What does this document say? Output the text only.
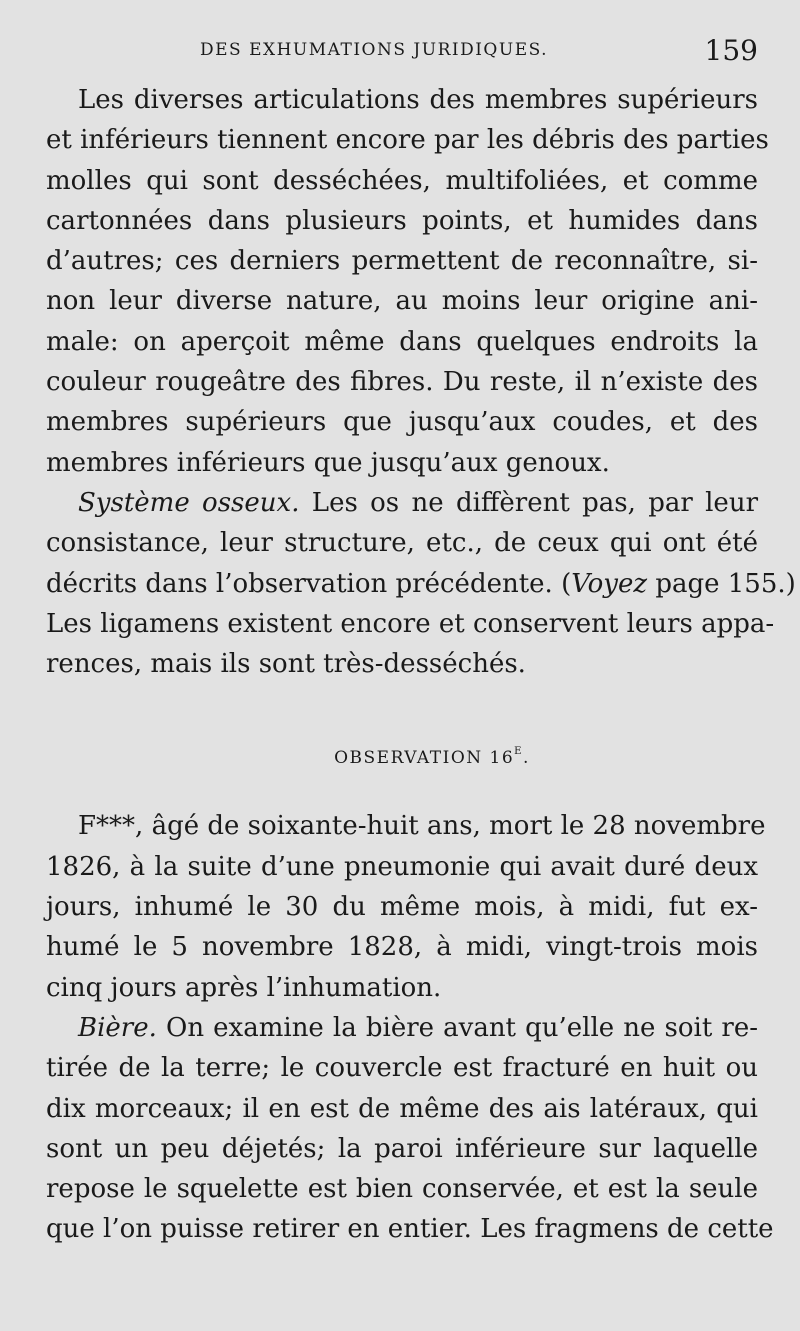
DES EXHUMATIONS JURIDIQUES.	159
Les diverses articulations des membres supérieurs
et inférieurs tiennent encore par les débris des parties
molles qui sont desséchées, multifoliées, et comme
cartonnées dans plusieurs points, et humides dans
d’autres; ces derniers permettent de reconnaître, si-
non leur diverse nature, au moins leur origine ani-
male: on aperçoit même dans quelques endroits la
couleur rougeâtre des fibres. Du reste, il n’existe des
membres supérieurs que jusqu’aux coudes, et des
membres inférieurs que jusqu’aux genoux.
Système osseux. Les os ne diffèrent pas, par leur
consistance, leur structure, etc., de ceux qui ont été
décrits dans l’observation précédente. (Voyez page 155.)
Les ligamens existent encore et conservent leurs appa-
rences, mais ils sont très-desséchés.
OBSERVATION 16e.
F***, âgé de soixante-huit ans, mort le 28 novembre
1826, à la suite d’une pneumonie qui avait duré deux
jours, inhumé le 30 du même mois, à midi, fut ex-
humé le 5 novembre 1828, à midi, vingt-trois mois
cinq jours après l’inhumation.
Bière. On examine la bière avant qu’elle ne soit re-
tirée de la terre; le couvercle est fracturé en huit ou
dix morceaux; il en est de même des ais latéraux, qui
sont un peu déjetés; la paroi inférieure sur laquelle
repose le squelette est bien conservée, et est la seule
que l’on puisse retirer en entier. Les fragmens de cette
